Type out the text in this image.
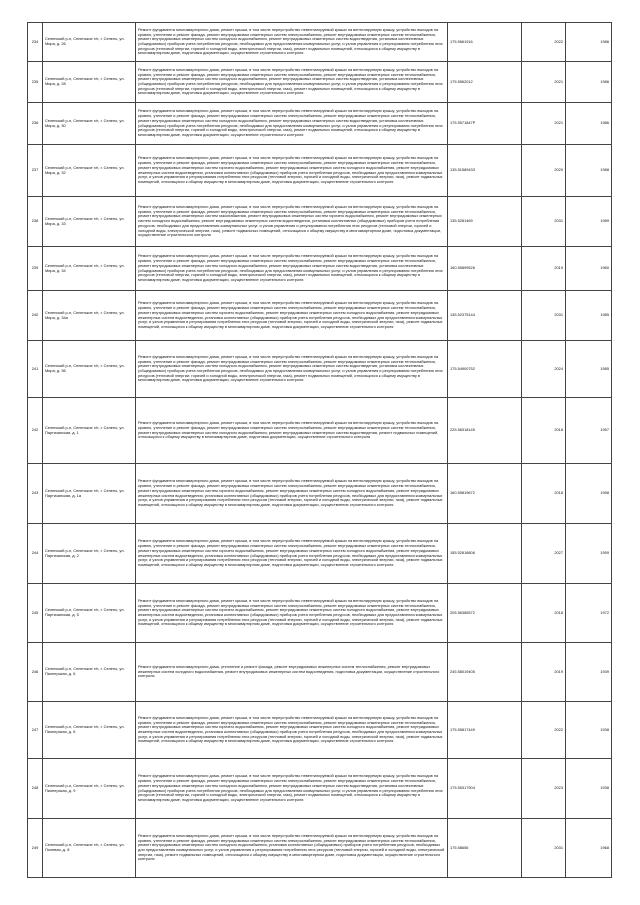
234	Селенский р-н, Селенское г/п, г. Селено, ул. Мира, д. 26	Ремонт фундамента многоквартирного дома, ремонт крыши, в том числе переустройство невентилируемой крыши на вентилируемую крышу, устройство выходов на кровлю, утепление и ремонт фасада, ремонт внутридомовых инженерных систем электроснабжения, ремонт внутридомовых инженерных систем теплоснабжения, ремонт внутридомовых инженерных систем холодного водоснабжения, ремонт внутридомовых инженерных систем водоотведения, установка коллективных (общедомовых) приборов учета потребления ресурсов, необходимых для предоставления коммунальных услуг, и узлов управления и регулирования потребления этих ресурсов (тепловой энергии, горячей и холодной воды, электрической энергии, газа), ремонт подвальных помещений, относящихся к общему имуществу в многоквартирном доме, подготовка документации, осуществление строительного контроля	175.5661916	2022	1986
235	Селенский р-н, Селенское г/п, г. Селено, ул. Мира, д. 28	Ремонт фундамента многоквартирного дома, ремонт крыши, в том числе переустройство невентилируемой крыши на вентилируемую крышу, устройство выходов на кровлю, утепление и ремонт фасада, ремонт внутридомовых инженерных систем электроснабжения, ремонт внутридомовых инженерных систем теплоснабжения, ремонт внутридомовых инженерных систем холодного водоснабжения, ремонт внутридомовых инженерных систем водоотведения, установка коллективных (общедомовых) приборов учета потребления ресурсов, необходимых для предоставления коммунальных услуг, и узлов управления и регулирования потребления этих ресурсов (тепловой энергии, горячей и холодной воды, электрической энергии, газа), ремонт подвальных помещений, относящихся к общему имуществу в многоквартирном доме, подготовка документации, осуществление строительного контроля	175.5562012	2021	1986
236	Селенский р-н, Селенское г/п, г. Селено, ул. Мира, д. 30	Ремонт фундамента многоквартирного дома, ремонт крыши, в том числе переустройство невентилируемой крыши на вентилируемую крышу, устройство выходов на кровлю, утепление и ремонт фасада, ремонт внутридомовых инженерных систем электроснабжения, ремонт внутридомовых инженерных систем теплоснабжения, ремонт внутридомовых инженерных систем холодного водоснабжения, ремонт внутридомовых инженерных систем водоотведения, установка коллективных (общедомовых) приборов учета потребления ресурсов, необходимых для предоставления коммунальных услуг, и узлов управления и регулирования потребления этих ресурсов (тепловой энергии, горячей и холодной воды, электрической энергии, газа), ремонт подвальных помещений, относящихся к общему имуществу в многоквартирном доме, подготовка документации, осуществление строительного контроля	175.5571847Р	2021	1986
237	Селенский р-н, Селенское г/п, г. Селено, ул. Мира, д. 32	Ремонт фундамента многоквартирного дома, ремонт крыши, в том числе переустройство невентилируемой крыши на вентилируемую крышу, устройство выходов на кровлю, утепление и ремонт фасада, ремонт внутридомовых инженерных систем электроснабжения, ремонт внутридомовых инженерных систем теплоснабжения, ремонт внутридомовых инженерных систем горячего водоснабжения, ремонт внутридомовых инженерных систем холодного водоснабжения, ремонт внутридомовых инженерных систем водоотведения, установка коллективных (общедомовых) приборов учета потребления ресурсов, необходимых для предоставления коммунальных услуг, и узлов управления и регулирования потребления этих ресурсов (тепловой энергии, горячей и холодной воды, электрической энергии, газа), ремонт подвальных помещений, относящихся к общему имуществу в многоквартирном доме, подготовка документации, осуществление строительного контроля	135.51589433	2020	1988
238	Селенский р-н, Селенское г/п, г. Селено, ул. Мира, д. 33	Ремонт фундамента многоквартирного дома, ремонт крыши, в том числе переустройство невентилируемой крыши на вентилируемую крышу, устройство выходов на кровлю, утепление и ремонт фасада, ремонт внутридомовых инженерных систем электроснабжения, ремонт внутридомовых инженерных систем теплоснабжения, ремонт внутридомовых инженерных систем газоснабжения, ремонт внутридомовых инженерных систем горячего водоснабжения, ремонт внутридомовых инженерных систем холодного водоснабжения, ремонт внутридомовых инженерных систем водоотведения, установка коллективных (общедомовых) приборов учета потребления ресурсов, необходимых для предоставления коммунальных услуг, и узлов управления и регулирования потребления этих ресурсов (тепловой энергии, горячей и холодной воды, электрической энергии, газа), ремонт подвальных помещений, относящихся к общему имуществу в многоквартирном доме, подготовка документации, осуществление строительного контроля	135.5281469	2031	1989
239	Селенский р-н, Селенское г/п, г. Селено, ул. Мира, д. 34	Ремонт фундамента многоквартирного дома, ремонт крыши, в том числе переустройство невентилируемой крыши на вентилируемую крышу, устройство выходов на кровлю, утепление и ремонт фасада, ремонт внутридомовых инженерных систем электроснабжения, ремонт внутридомовых инженерных систем теплоснабжения, ремонт внутридомовых инженерных систем холодного водоснабжения, ремонт внутридомовых инженерных систем водоотведения, установка коллективных (общедомовых) приборов учета потребления ресурсов, необходимых для предоставления коммунальных услуг, и узлов управления и регулирования потребления этих ресурсов (тепловой энергии, горячей и холодной воды, электрической энергии, газа), ремонт подвальных помещений, относящихся к общему имуществу в многоквартирном доме, подготовка документации, осуществление строительного контроля	160.55899526	2019	1960
240	Селенский р-н, Селенское г/п, г. Селено, ул. Мира, д. 34а	Ремонт фундамента многоквартирного дома, ремонт крыши, в том числе переустройство невентилируемой крыши на вентилируемую крышу, устройство выходов на кровлю, утепление и ремонт фасада, ремонт внутридомовых инженерных систем электроснабжения, ремонт внутридомовых инженерных систем теплоснабжения, ремонт внутридомовых инженерных систем горячего водоснабжения, ремонт внутридомовых инженерных систем холодного водоснабжения, ремонт внутридомовых инженерных систем водоотведения, установка коллективных (общедомовых) приборов учета потребления ресурсов, необходимых для предоставления коммунальных услуг, и узлов управления и регулирования потребления этих ресурсов (тепловой энергии, горячей и холодной воды, электрической энергии, газа), ремонт подвальных помещений, относящихся к общему имуществу в многоквартирном доме, подготовка документации, осуществление строительного контроля	135.52375144	2031	1985
241	Селенский р-н, Селенское г/п, г. Селено, ул. Мира, д. 36	Ремонт фундамента многоквартирного дома, ремонт крыши, в том числе переустройство невентилируемой крыши на вентилируемую крышу, устройство выходов на кровлю, утепление и ремонт фасада, ремонт внутридомовых инженерных систем электроснабжения, ремонт внутридомовых инженерных систем теплоснабжения, ремонт внутридомовых инженерных систем холодного водоснабжения, ремонт внутридомовых инженерных систем водоотведения, установка коллективных (общедомовых) приборов учета потребления ресурсов, необходимых для предоставления коммунальных услуг, и узлов управления и регулирования потребления этих ресурсов (тепловой энергии, горячей и холодной воды, электрической энергии, газа), ремонт подвальных помещений, относящихся к общему имуществу в многоквартирном доме, подготовка документации, осуществление строительного контроля	175.54900752	2024	1985
242	Селенский р-н, Селенское г/п, г. Селено, ул. Партизанская, д. 1	Ремонт фундамента многоквартирного дома, ремонт крыши, в том числе переустройство невентилируемой крыши на вентилируемую крышу, устройство выходов на кровлю, утепление и ремонт фасада, ремонт внутридомовых инженерных систем электроснабжения, ремонт внутридомовых инженерных систем теплоснабжения, ремонт внутридомовых инженерных систем холодного водоснабжения, ремонт внутридомовых инженерных систем водоотведения, ремонт подвальных помещений, относящихся к общему имуществу в многоквартирном доме, подготовка документации, осуществление строительного контроля	225.58318145	2018	1957
243	Селенский р-н, Селенское г/п, г. Селено, ул. Партизанская, д. 1а	Ремонт фундамента многоквартирного дома, ремонт крыши, в том числе переустройство невентилируемой крыши на вентилируемую крышу, устройство выходов на кровлю, утепление и ремонт фасада, ремонт внутридомовых инженерных систем электроснабжения, ремонт внутридомовых инженерных систем теплоснабжения, ремонт внутридомовых инженерных систем горячего водоснабжения, ремонт внутридомовых инженерных систем холодного водоснабжения, ремонт внутридомовых инженерных систем водоотведения, установка коллективных (общедомовых) приборов учета потребления ресурсов, необходимых для предоставления коммунальных услуг, и узлов управления и регулирования потребления этих ресурсов (тепловой энергии, горячей и холодной воды, электрической энергии, газа), ремонт подвальных помещений, относящихся к общему имуществу в многоквартирном доме, подготовка документации, осуществление строительного контроля	160.55819672	2018	1958
244	Селенский р-н, Селенское г/п, г. Селено, ул. Партизанская, д. 2	Ремонт фундамента многоквартирного дома, ремонт крыши, в том числе переустройство невентилируемой крыши на вентилируемую крышу, устройство выходов на кровлю, утепление и ремонт фасада, ремонт внутридомовых инженерных систем электроснабжения, ремонт внутридомовых инженерных систем теплоснабжения, ремонт внутридомовых инженерных систем горячего водоснабжения, ремонт внутридомовых инженерных систем холодного водоснабжения, ремонт внутридомовых инженерных систем водоотведения, установка коллективных (общедомовых) приборов учета потребления ресурсов, необходимых для предоставления коммунальных услуг, и узлов управления и регулирования потребления этих ресурсов (тепловой энергии, горячей и холодной воды, электрической энергии, газа), ремонт подвальных помещений, относящихся к общему имуществу в многоквартирном доме, подготовка документации, осуществление строительного контроля	155.52818806	2027	1959
245	Селенский р-н, Селенское г/п, г. Селено, ул. Партизанская, д. 5	Ремонт фундамента многоквартирного дома, ремонт крыши, в том числе переустройство невентилируемой крыши на вентилируемую крышу, устройство выходов на кровлю, утепление и ремонт фасада, ремонт внутридомовых инженерных систем электроснабжения, ремонт внутридомовых инженерных систем теплоснабжения, ремонт внутридомовых инженерных систем горячего водоснабжения, ремонт внутридомовых инженерных систем холодного водоснабжения, ремонт внутридомовых инженерных систем водоотведения, установка коллективных (общедомовых) приборов учета потребления ресурсов, необходимых для предоставления коммунальных услуг, и узлов управления и регулирования потребления этих ресурсов (тепловой энергии, горячей и холодной воды, электрической энергии, газа), ремонт подвальных помещений, относящихся к общему имуществу в многоквартирном доме, подготовка документации, осуществление строительного контроля	205.56385572	2018	1972
246	Селенский р-н, Селенское г/п, г. Селено, ул. Пионерская, д. 6	Ремонт фундамента многоквартирного дома, утепление и ремонт фасада, ремонт внутридомовых инженерных систем теплоснабжения, ремонт внутридомовых инженерных систем холодного водоснабжения, ремонт внутридомовых инженерных систем водоотведения, подготовка документации, осуществление строительного контроля	245.58019405	2019	1939
247	Селенский р-н, Селенское г/п, г. Селено, ул. Пионерская, д. 6	Ремонт фундамента многоквартирного дома, ремонт крыши, в том числе переустройство невентилируемой крыши на вентилируемую крышу, устройство выходов на кровлю, утепление и ремонт фасада, ремонт внутридомовых инженерных систем электроснабжения, ремонт внутридомовых инженерных систем теплоснабжения, ремонт внутридомовых инженерных систем горячего водоснабжения, ремонт внутридомовых инженерных систем холодного водоснабжения, ремонт внутридомовых инженерных систем водоотведения, установка коллективных (общедомовых) приборов учета потребления ресурсов, необходимых для предоставления коммунальных услуг, и узлов управления и регулирования потребления этих ресурсов (тепловой энергии, горячей и холодной воды, электрической энергии, газа), ремонт подвальных помещений, относящихся к общему имуществу в многоквартирном доме, подготовка документации, осуществление строительного контроля	175.55817449	2022	1938
248	Селенский р-н, Селенское г/п, г. Селено, ул. Пионерская, д. 9	Ремонт фундамента многоквартирного дома, ремонт крыши, в том числе переустройство невентилируемой крыши на вентилируемую крышу, устройство выходов на кровлю, утепление и ремонт фасада, ремонт внутридомовых инженерных систем электроснабжения, ремонт внутридомовых инженерных систем теплоснабжения, ремонт внутридомовых инженерных систем холодного водоснабжения, ремонт внутридомовых инженерных систем водоотведения, установка коллективных (общедомовых) приборов учета потребления ресурсов, необходимых для предоставления коммунальных услуг, и узлов управления и регулирования потребления этих ресурсов (тепловой энергии, горячей и холодной воды, электрической энергии, газа), ремонт подвальных помещений, относящихся к общему имуществу в многоквартирном доме, подготовка документации, осуществление строительного контроля	175.55317904	2023	1938
249	Селенский р-н, Селенское г/п, г. Селено, ул. Полевая, д. 8	Ремонт фундамента многоквартирного дома, ремонт крыши, в том числе переустройство невентилируемой крыши на вентилируемую крышу, устройство выходов на кровлю, утепление и ремонт фасада, ремонт внутридомовых инженерных систем электроснабжения, ремонт внутридомовых инженерных систем теплоснабжения, ремонт внутридомовых инженерных систем холодного водоснабжения, установка коллективных (общедомовых) приборов учета потребления ресурсов, необходимых для предоставления коммунальных услуг, и узлов управления и регулирования потребления этих ресурсов (тепловой энергии, горячей и холодной воды, электрической энергии, газа), ремонт подвальных помещений, относящихся к общему имуществу в многоквартирном доме, подготовка документации, осуществление строительного контроля	175.58656	2031	1968
